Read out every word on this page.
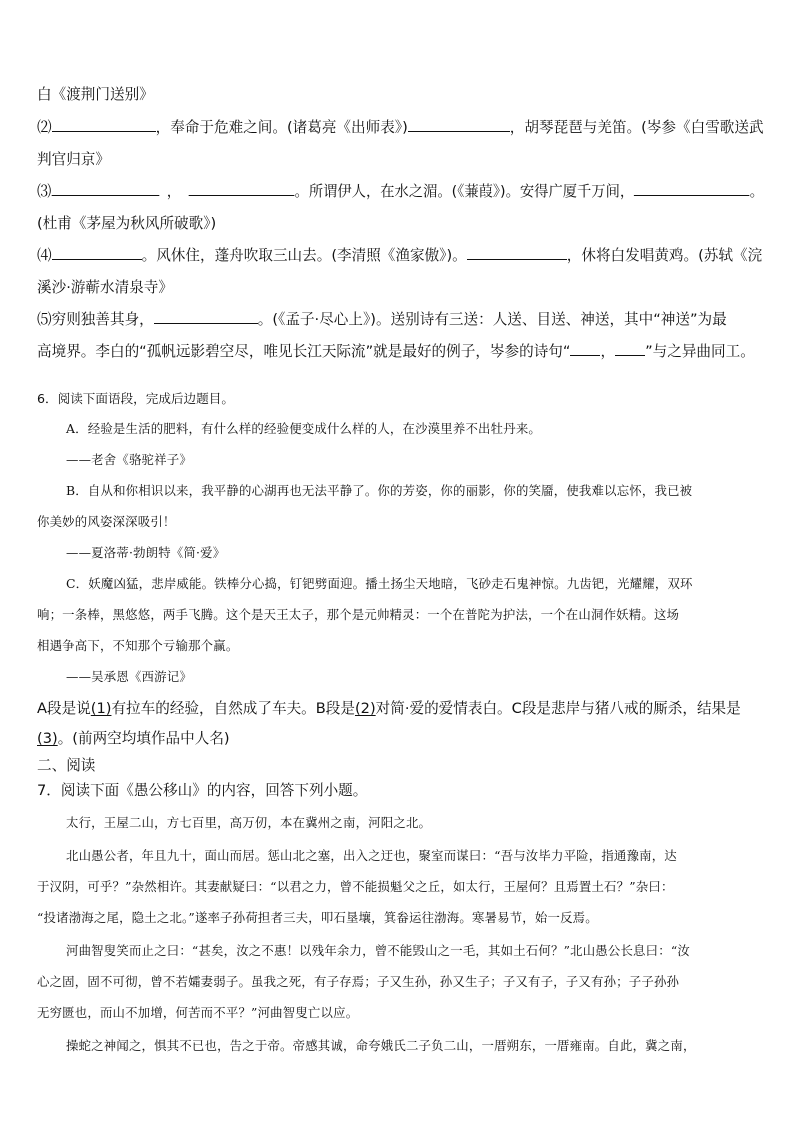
白《渡荆门送别》
⑵	，奉命于危难之间。(诸葛亮《出师表》)	，胡琴琵琶与羌笛。(岑参《白雪歌送武
判官归京》
⑶	，	。所谓伊人，在水之湄。(《蒹葭》)。安得广厦千万间，	。
(杜甫《茅屋为秋风所破歌》)
⑷	。风休住，蓬舟吹取三山去。(李清照《渔家傲》)。	，休将白发唱黄鸡。(苏轼《浣
溪沙·游蕲水清泉寺》
⑸穷则独善其身，	。(《孟子·尽心上》)。送别诗有三送：人送、目送、神送，其中“神送”为最
高境界。李白的“孤帆远影碧空尽，唯见长江天际流”就是最好的例子，岑参的诗句“ ， ”与之异曲同工。
6．阅读下面语段，完成后边题目。
A．经验是生活的肥料，有什么样的经验便变成什么样的人，在沙漠里养不出牡丹来。
——老舍《骆驼祥子》
B．自从和你相识以来，我平静的心湖再也无法平静了。你的芳姿，你的丽影，你的笑靥，使我难以忘怀，我已被
你美妙的风姿深深吸引！
——夏洛蒂·勃朗特《简·爱》
C．妖魔凶猛，悲岸威能。铁棒分心捣，钉钯劈面迎。播土扬尘天地暗，飞砂走石鬼神惊。九齿钯，光耀耀，双环
响；一条棒，黑悠悠，两手飞腾。这个是天王太子，那个是元帅精灵：一个在普陀为护法，一个在山洞作妖精。这场
相遇争高下，不知那个亏输那个赢。
——吴承恩《西游记》
A段是说(1)有拉车的经验，自然成了车夫。B段是(2)对简·爱的爱情表白。C段是悲岸与猪八戒的厮杀，结果是
(3)。(前两空均填作品中人名)
二、阅读
7．阅读下面《愚公移山》的内容，回答下列小题。
太行，王屋二山，方七百里，高万仞，本在冀州之南，河阳之北。
北山愚公者，年且九十，面山而居。惩山北之塞，出入之迂也，聚室而谋曰：“吾与汝毕力平险，指通豫南，达
于汉阴，可乎？”杂然相许。其妻献疑曰：“以君之力，曾不能损魁父之丘，如太行，王屋何？且焉置土石？”杂曰：
“投诸渤海之尾，隐土之北。”遂率子孙荷担者三夫，叩石垦壤，箕畚运往渤海。寒暑易节，始一反焉。
河曲智叟笑而止之曰：“甚矣，汝之不惠！以残年余力，曾不能毁山之一毛，其如土石何？”北山愚公长息曰：“汝
心之固，固不可彻，曾不若孀妻弱子。虽我之死，有子存焉；子又生孙，孙又生子；子又有子，子又有孙；子子孙孙
无穷匮也，而山不加增，何苦而不平？”河曲智叟亡以应。
操蛇之神闻之，惧其不已也，告之于帝。帝感其诚，命夸娥氏二子负二山，一厝朔东，一厝雍南。自此，冀之南，
